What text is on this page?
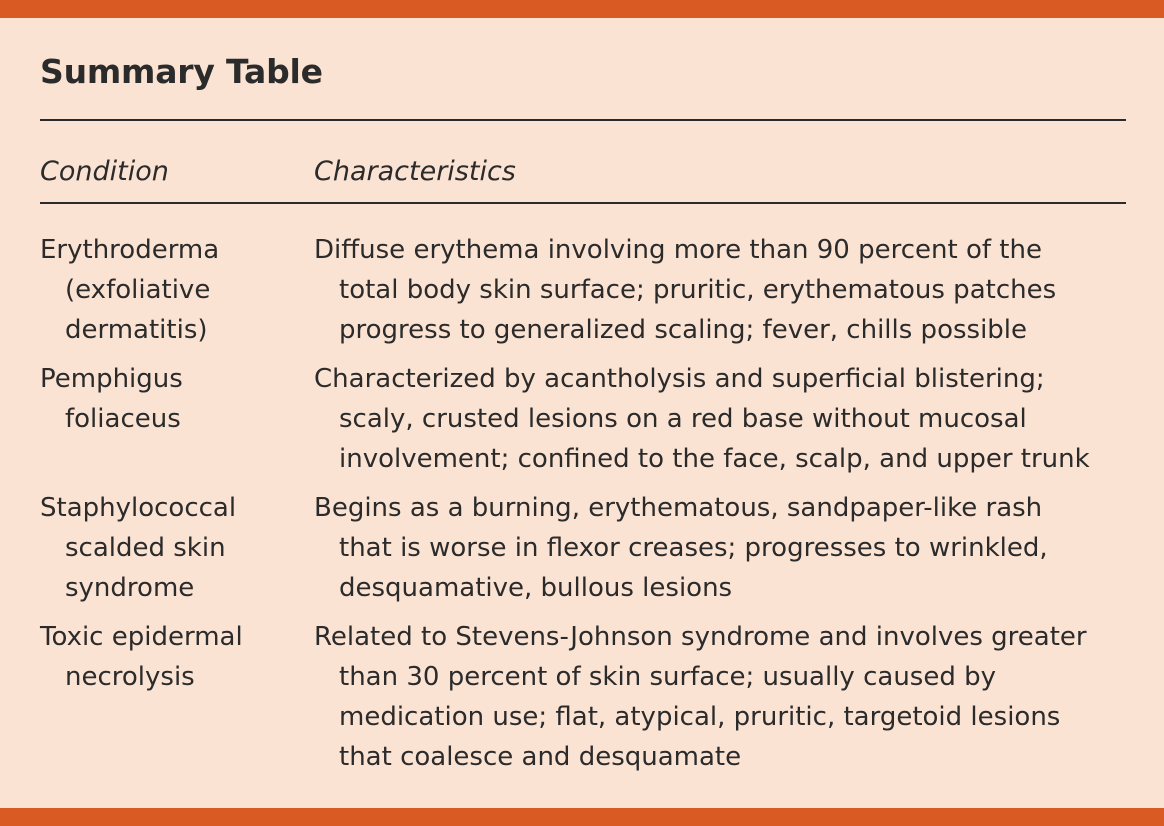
Summary Table
Condition	Characteristics
Erythroderma
(exfoliative
dermatitis)
Diffuse erythema involving more than 90 percent of the
total body skin surface; pruritic, erythematous patches
progress to generalized scaling; fever, chills possible
Pemphigus
foliaceus
Characterized by acantholysis and superficial blistering;
scaly, crusted lesions on a red base without mucosal
involvement; confined to the face, scalp, and upper trunk
Staphylococcal
scalded skin
syndrome
Begins as a burning, erythematous, sandpaper-like rash
that is worse in flexor creases; progresses to wrinkled,
desquamative, bullous lesions
Toxic epidermal
necrolysis
Related to Stevens-Johnson syndrome and involves greater
than 30 percent of skin surface; usually caused by
medication use; flat, atypical, pruritic, targetoid lesions
that coalesce and desquamate
